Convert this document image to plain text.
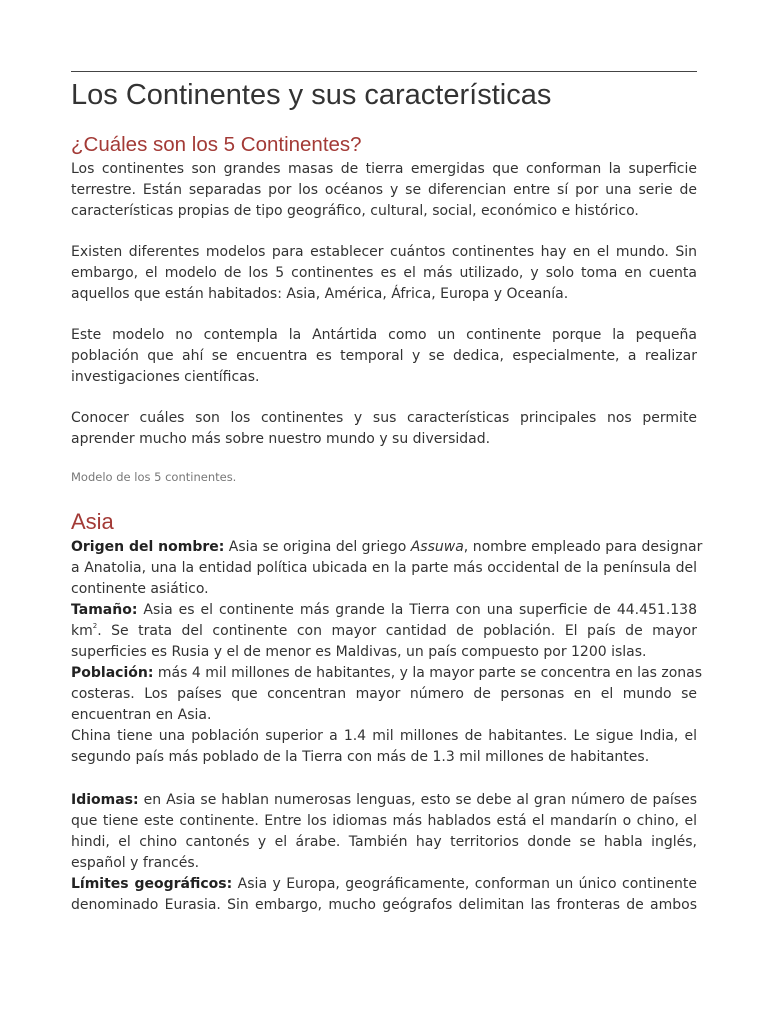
Los Continentes y sus características
¿Cuáles son los 5 Continentes?
Los continentes son grandes masas de tierra emergidas que conforman la superficie
terrestre. Están separadas por los océanos y se diferencian entre sí por una serie de
características propias de tipo geográfico, cultural, social, económico e histórico.
Existen diferentes modelos para establecer cuántos continentes hay en el mundo. Sin
embargo, el modelo de los 5 continentes es el más utilizado, y solo toma en cuenta
aquellos que están habitados: Asia, América, África, Europa y Oceanía.
Este modelo no contempla la Antártida como un continente porque la pequeña
población que ahí se encuentra es temporal y se dedica, especialmente, a realizar
investigaciones científicas.
Conocer cuáles son los continentes y sus características principales nos permite
aprender mucho más sobre nuestro mundo y su diversidad.
Modelo de los 5 continentes.
Asia
Origen del nombre: Asia se origina del griego Assuwa, nombre empleado para designar
a Anatolia, una la entidad política ubicada en la parte más occidental de la península del
continente asiático.
Tamaño: Asia es el continente más grande la Tierra con una superficie de 44.451.138
$km^2$. Se trata del continente con mayor cantidad de población. El país de mayor
superficies es Rusia y el de menor es Maldivas, un país compuesto por 1200 islas.
Población: más 4 mil millones de habitantes, y la mayor parte se concentra en las zonas
costeras. Los países que concentran mayor número de personas en el mundo se
encuentran en Asia.
China tiene una población superior a 1.4 mil millones de habitantes. Le sigue India, el
segundo país más poblado de la Tierra con más de 1.3 mil millones de habitantes.
Idiomas: en Asia se hablan numerosas lenguas, esto se debe al gran número de países
que tiene este continente. Entre los idiomas más hablados está el mandarín o chino, el
hindi, el chino cantonés y el árabe. También hay territorios donde se habla inglés,
español y francés.
Límites geográficos: Asia y Europa, geográficamente, conforman un único continente
denominado Eurasia. Sin embargo, mucho geógrafos delimitan las fronteras de ambos
